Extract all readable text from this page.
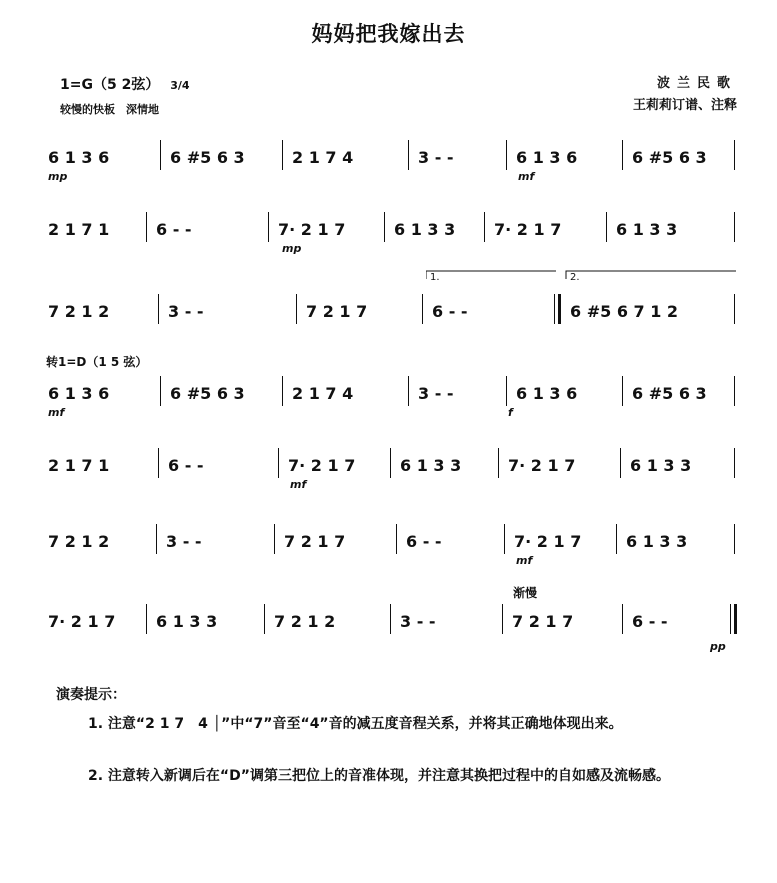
妈妈把我嫁出去
1=G（5 2弦） 3/4
较慢的快板　深情地
波兰民歌
王莉莉订谱、注释
6 1 3 6	6 #5 6 3	2 1 7 4	3 - -	6 1 3 6	6 #5 6 3
mp	mf
2 1 7 1	6 - -	7· 2 1 7	6 1 3 3 7· 2 1 7	6 1 3 3
mp
7 2 1 2	3 - -	7 2 1 7	6 - -	6 #5 6 7 1 2
1.	2.
转1=D（1 5 弦）
6 1 3 6	6 #5 6 3	2 1 7 4	3 - -	6 1 3 6	6 #5 6 3
mf	f
2 1 7 1	6 - -	7· 2 1 7	6 1 3 3	7· 2 1 7	6 1 3 3
mf
7 2 1 2	3 - -	7 2 1 7	6 - -	7· 2 1 7	6 1 3 3
mf
渐慢
7· 2 1 7	6 1 3 3	7 2 1 2	3 - -	7 2 1 7	6 - -
pp
演奏提示：
1. 注意“2 1 7　4 │”中“7”音至“4”音的减五度音程关系，并将其正确地体现出来。
2. 注意转入新调后在“D”调第三把位上的音准体现，并注意其换把过程中的自如感及流畅感。
